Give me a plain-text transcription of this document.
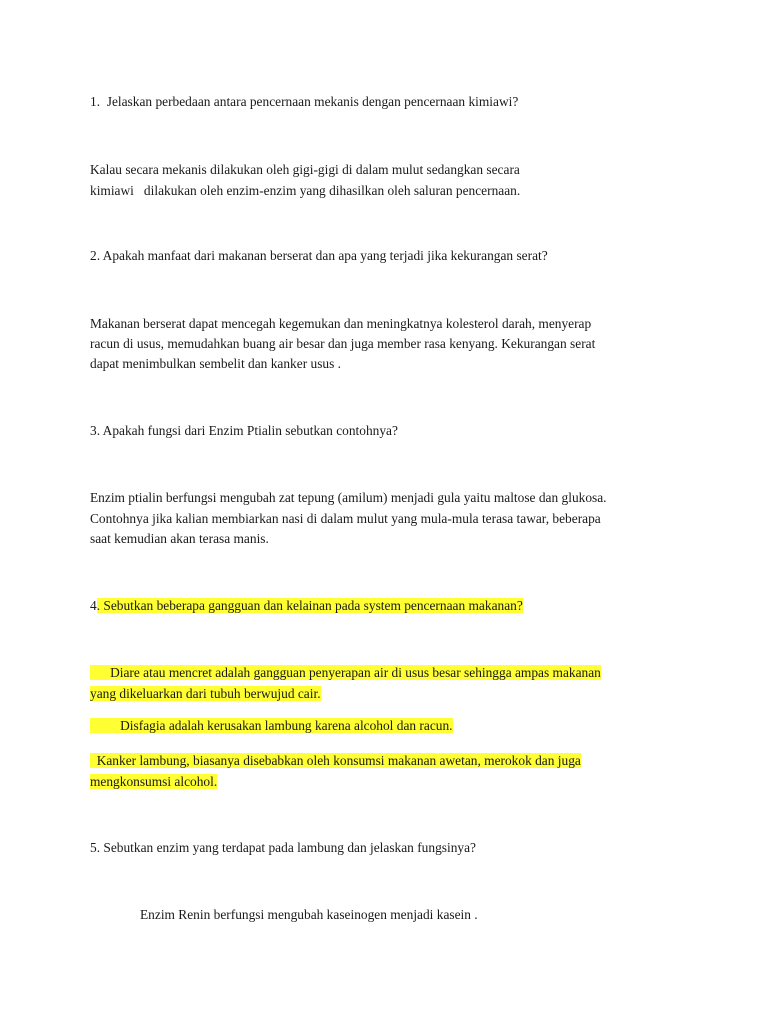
1.  Jelaskan perbedaan antara pencernaan mekanis dengan pencernaan kimiawi?
Kalau secara mekanis dilakukan oleh gigi-gigi di dalam mulut sedangkan secara
kimiawi   dilakukan oleh enzim-enzim yang dihasilkan oleh saluran pencernaan.
2. Apakah manfaat dari makanan berserat dan apa yang terjadi jika kekurangan serat?
Makanan berserat dapat mencegah kegemukan dan meningkatnya kolesterol darah, menyerap
racun di usus, memudahkan buang air besar dan juga member rasa kenyang. Kekurangan serat
dapat menimbulkan sembelit dan kanker usus .
3. Apakah fungsi dari Enzim Ptialin sebutkan contohnya?
Enzim ptialin berfungsi mengubah zat tepung (amilum) menjadi gula yaitu maltose dan glukosa.
Contohnya jika kalian membiarkan nasi di dalam mulut yang mula-mula terasa tawar, beberapa
saat kemudian akan terasa manis.
4. Sebutkan beberapa gangguan dan kelainan pada system pencernaan makanan?
Diare atau mencret adalah gangguan penyerapan air di usus besar sehingga ampas makanan
yang dikeluarkan dari tubuh berwujud cair.
Disfagia adalah kerusakan lambung karena alcohol dan racun.
Kanker lambung, biasanya disebabkan oleh konsumsi makanan awetan, merokok dan juga
mengkonsumsi alcohol.
5. Sebutkan enzim yang terdapat pada lambung dan jelaskan fungsinya?
Enzim Renin berfungsi mengubah kaseinogen menjadi kasein .
